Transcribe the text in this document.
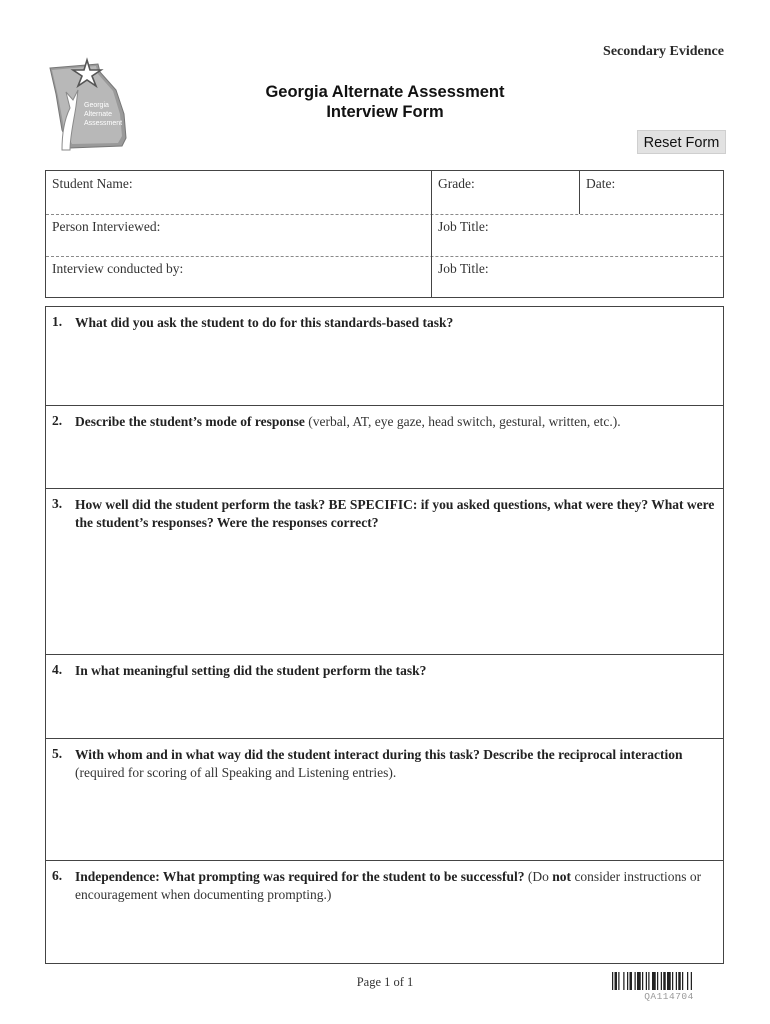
Secondary Evidence
Georgia
Alternate
Assessment
Georgia Alternate Assessment
Interview Form
Reset Form
Student Name:	Grade:	Date:
Person Interviewed:	Job Title:
Interview conducted by:	Job Title:
1. What did you ask the student to do for this standards-based task?
2. Describe the student’s mode of response (verbal, AT, eye gaze, head switch, gestural, written, etc.).
3. How well did the student perform the task? BE SPECIFIC: if you asked questions, what were they? What were the student’s responses? Were the responses correct?
4. In what meaningful setting did the student perform the task?
5. With whom and in what way did the student interact during this task? Describe the reciprocal interaction (required for scoring of all Speaking and Listening entries).
6. Independence: What prompting was required for the student to be successful? (Do not consider instructions or encouragement when documenting prompting.)
Page 1 of 1
QA114704
